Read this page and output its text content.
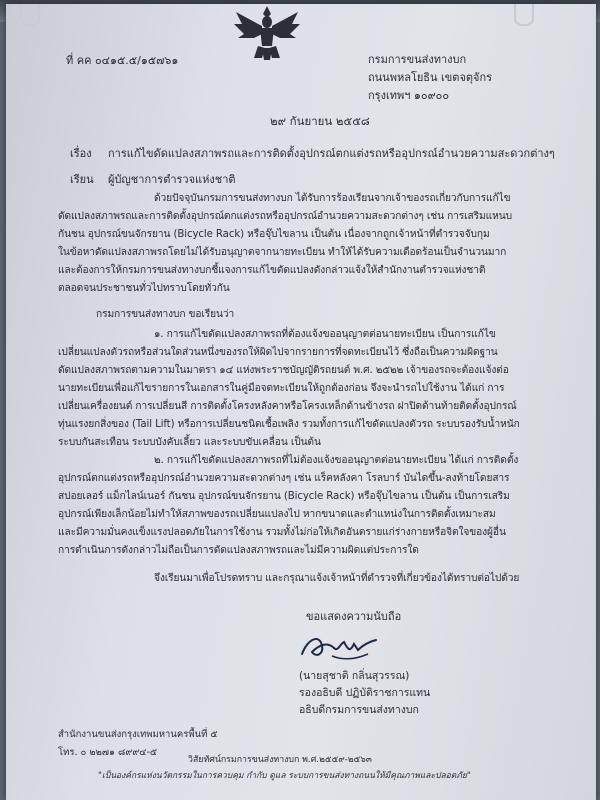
ที่ คค ๐๔๑๕.๕/๑๕๗๖๑	กรมการขนส่งทางบก
ถนนพหลโยธิน เขตจตุจักร
กรุงเทพฯ ๑๐๙๐๐
๒๙ กันยายน ๒๕๕๘
เรื่อง การแก้ไขดัดแปลงสภาพรถและการติดตั้งอุปกรณ์ตกแต่งรถหรืออุปกรณ์อำนวยความสะดวกต่างๆ
เรียน ผู้บัญชาการตำรวจแห่งชาติ
ด้วยปัจจุบันกรมการขนส่งทางบก ได้รับการร้องเรียนจากเจ้าของรถเกี่ยวกับการแก้ไข
ดัดแปลงสภาพรถและการติดตั้งอุปกรณ์ตกแต่งรถหรืออุปกรณ์อำนวยความสะดวกต่างๆ เช่น การเสริมแหนบ
กันชน อุปกรณ์ขนจักรยาน (Bicycle Rack) หรือจุ๊บไขลาน เป็นต้น เนื่องจากถูกเจ้าหน้าที่ตำรวจจับกุม
ในข้อหาดัดแปลงสภาพรถโดยไม่ได้รับอนุญาตจากนายทะเบียน ทำให้ได้รับความเดือดร้อนเป็นจำนวนมาก
และต้องการให้กรมการขนส่งทางบกชี้แจงการแก้ไขดัดแปลงดังกล่าวแจ้งให้สำนักงานตำรวจแห่งชาติ
ตลอดจนประชาชนทั่วไปทราบโดยทั่วกัน
กรมการขนส่งทางบก ขอเรียนว่า
๑. การแก้ไขดัดแปลงสภาพรถที่ต้องแจ้งขออนุญาตต่อนายทะเบียน เป็นการแก้ไข
เปลี่ยนแปลงตัวรถหรือส่วนใดส่วนหนึ่งของรถให้ผิดไปจากรายการที่จดทะเบียนไว้ ซึ่งถือเป็นความผิดฐาน
ดัดแปลงสภาพรถตามความในมาตรา ๑๔ แห่งพระราชบัญญัติรถยนต์ พ.ศ. ๒๕๒๒ เจ้าของรถจะต้องแจ้งต่อ
นายทะเบียนเพื่อแก้ไขรายการในเอกสารในคู่มือจดทะเบียนให้ถูกต้องก่อน จึงจะนำรถไปใช้งาน ได้แก่ การ
เปลี่ยนเครื่องยนต์ การเปลี่ยนสี การติดตั้งโครงหลังคาหรือโครงเหล็กด้านข้างรถ ฝาปิดด้านท้ายติดตั้งอุปกรณ์
ทุ่นแรงยกสิ่งของ (Tail Lift) หรือการเปลี่ยนชนิดเชื้อเพลิง รวมทั้งการแก้ไขดัดแปลงตัวรถ ระบบรองรับน้ำหนัก
ระบบกันสะเทือน ระบบบังคับเลี้ยว และระบบขับเคลื่อน เป็นต้น
๒. การแก้ไขดัดแปลงสภาพรถที่ไม่ต้องแจ้งขออนุญาตต่อนายทะเบียน ได้แก่ การติดตั้ง
อุปกรณ์ตกแต่งรถหรืออุปกรณ์อำนวยความสะดวกต่างๆ เช่น แร็คหลังคา โรลบาร์ บันไดขึ้น-ลงท้ายโดยสาร
สปอยเลอร์ แม็กไลน์เนอร์ กันชน อุปกรณ์ขนจักรยาน (Bicycle Rack) หรือจุ๊บไขลาน เป็นต้น เป็นการเสริม
อุปกรณ์เพียงเล็กน้อยไม่ทำให้สภาพของรถเปลี่ยนแปลงไป หากขนาดและตำแหน่งในการติดตั้งเหมาะสม
และมีความมั่นคงแข็งแรงปลอดภัยในการใช้งาน รวมทั้งไม่ก่อให้เกิดอันตรายแก่ร่างกายหรือจิตใจของผู้อื่น
การดำเนินการดังกล่าวไม่ถือเป็นการดัดแปลงสภาพรถและไม่มีความผิดแต่ประการใด
จึงเรียนมาเพื่อโปรดทราบ และกรุณาแจ้งเจ้าหน้าที่ตำรวจที่เกี่ยวข้องได้ทราบต่อไปด้วย
ขอแสดงความนับถือ
(นายสุชาติ กลิ่นสุวรรณ)
รองอธิบดี ปฏิบัติราชการแทน
อธิบดีกรมการขนส่งทางบก
สำนักงานขนส่งกรุงเทพมหานครพื้นที่ ๕
โทร. ๐ ๒๒๗๑ ๘๙๙๔-๕
วิสัยทัศน์กรมการขนส่งทางบก พ.ศ.๒๕๕๙-๒๕๖๓
"เป็นองค์กรแห่งนวัตกรรมในการควบคุม กำกับ ดูแล ระบบการขนส่งทางถนนให้มีคุณภาพและปลอดภัย"
